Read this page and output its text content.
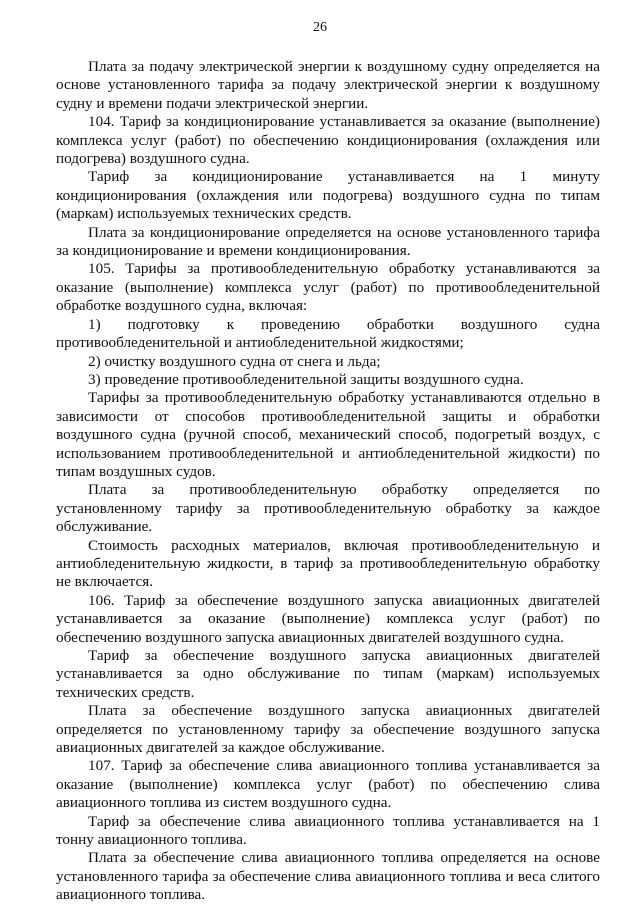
26

Плата за подачу электрической энергии к воздушному судну определяется на основе установленного тарифа за подачу электрической энергии к воздушному судну и времени подачи электрической энергии.

104. Тариф за кондиционирование устанавливается за оказание (выполнение) комплекса услуг (работ) по обеспечению кондиционирования (охлаждения или подогрева) воздушного судна.

Тариф за кондиционирование устанавливается на 1 минуту кондиционирования (охлаждения или подогрева) воздушного судна по типам (маркам) используемых технических средств.

Плата за кондиционирование определяется на основе установленного тарифа за кондиционирование и времени кондиционирования.

105. Тарифы за противообледенительную обработку устанавливаются за оказание (выполнение) комплекса услуг (работ) по противообледенительной обработке воздушного судна, включая:

1) подготовку к проведению обработки воздушного судна противообледенительной и антиобледенительной жидкостями;

2) очистку воздушного судна от снега и льда;

3) проведение противообледенительной защиты воздушного судна.

Тарифы за противообледенительную обработку устанавливаются отдельно в зависимости от способов противообледенительной защиты и обработки воздушного судна (ручной способ, механический способ, подогретый воздух, с использованием противообледенительной и антиобледенительной жидкости) по типам воздушных судов.

Плата за противообледенительную обработку определяется по установленному тарифу за противообледенительную обработку за каждое обслуживание.

Стоимость расходных материалов, включая противообледенительную и антиобледенительную жидкости, в тариф за противообледенительную обработку не включается.

106. Тариф за обеспечение воздушного запуска авиационных двигателей устанавливается за оказание (выполнение) комплекса услуг (работ) по обеспечению воздушного запуска авиационных двигателей воздушного судна.

Тариф за обеспечение воздушного запуска авиационных двигателей устанавливается за одно обслуживание по типам (маркам) используемых технических средств.

Плата за обеспечение воздушного запуска авиационных двигателей определяется по установленному тарифу за обеспечение воздушного запуска авиационных двигателей за каждое обслуживание.

107. Тариф за обеспечение слива авиационного топлива устанавливается за оказание (выполнение) комплекса услуг (работ) по обеспечению слива авиационного топлива из систем воздушного судна.

Тариф за обеспечение слива авиационного топлива устанавливается на 1 тонну авиационного топлива.

Плата за обеспечение слива авиационного топлива определяется на основе установленного тарифа за обеспечение слива авиационного топлива и веса слитого авиационного топлива.
